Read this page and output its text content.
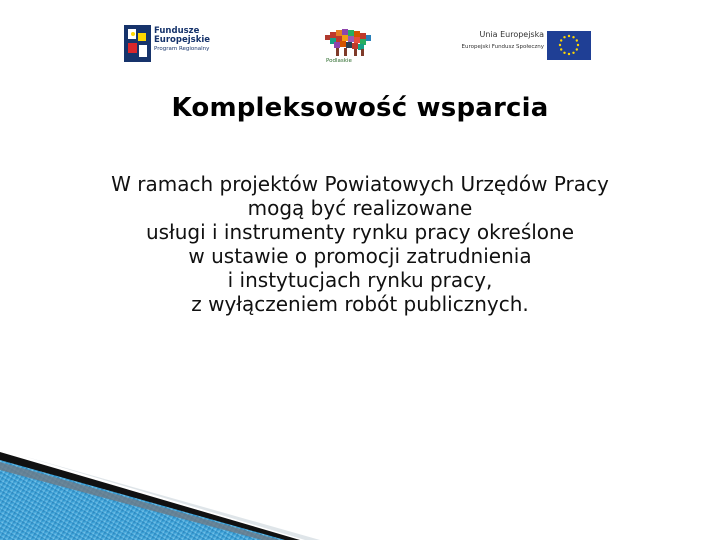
Fundusze
Europejskie
Program Regionalny
Podlaskie
Unia Europejska
Europejski Fundusz Społeczny
Kompleksowość wsparcia
W ramach projektów Powiatowych Urzędów Pracy
mogą być realizowane
usługi i instrumenty rynku pracy określone
w ustawie o promocji zatrudnienia
i instytucjach rynku pracy,
z wyłączeniem robót publicznych.
